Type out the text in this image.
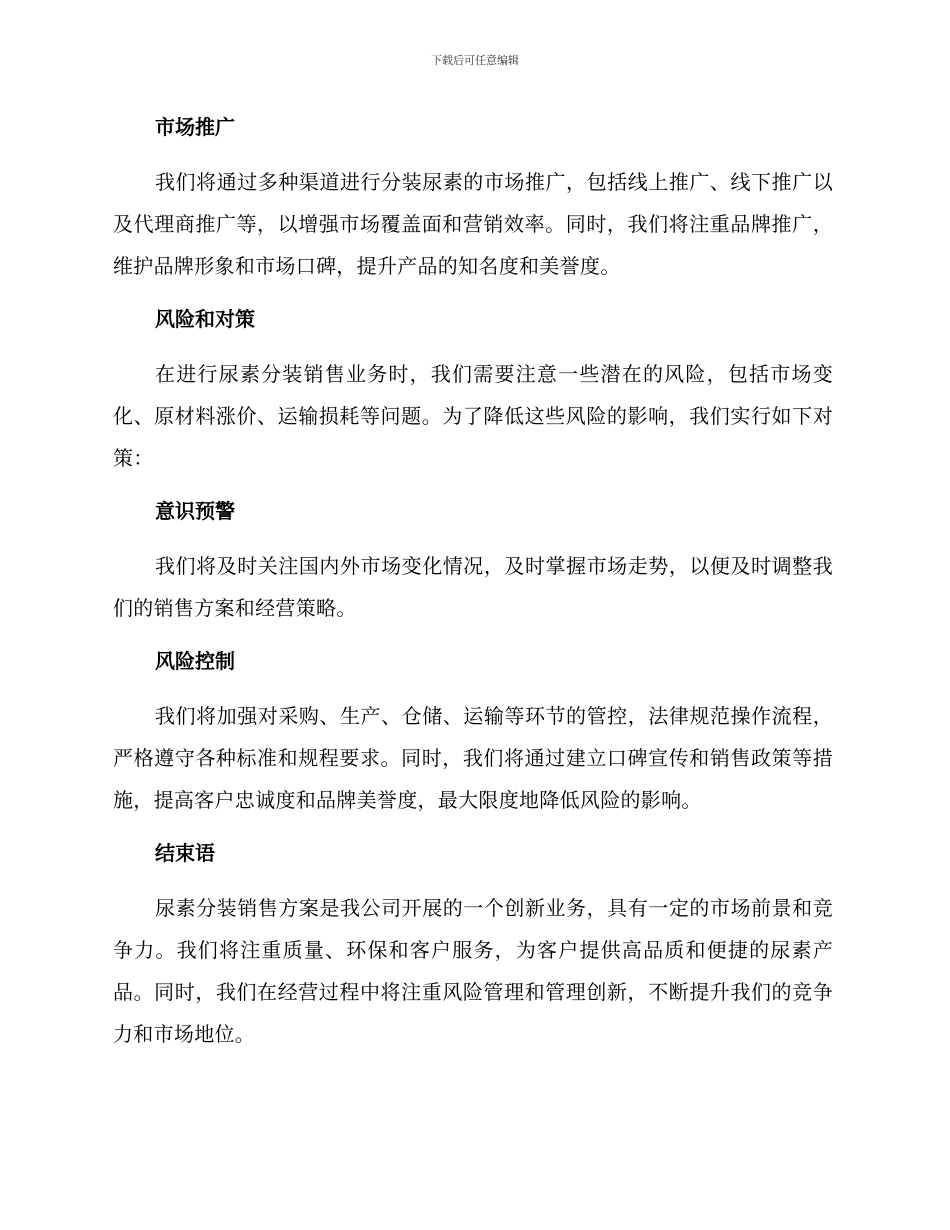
下载后可任意编辑
市场推广

我们将通过多种渠道进行分装尿素的市场推广，包括线上推广、线下推广以及代理商推广等，以增强市场覆盖面和营销效率。同时，我们将注重品牌推广，维护品牌形象和市场口碑，提升产品的知名度和美誉度。

风险和对策

在进行尿素分装销售业务时，我们需要注意一些潜在的风险，包括市场变化、原材料涨价、运输损耗等问题。为了降低这些风险的影响，我们实行如下对策：

意识预警

我们将及时关注国内外市场变化情况，及时掌握市场走势，以便及时调整我们的销售方案和经营策略。

风险控制

我们将加强对采购、生产、仓储、运输等环节的管控，法律规范操作流程，严格遵守各种标准和规程要求。同时，我们将通过建立口碑宣传和销售政策等措施，提高客户忠诚度和品牌美誉度，最大限度地降低风险的影响。

结束语

尿素分装销售方案是我公司开展的一个创新业务，具有一定的市场前景和竞争力。我们将注重质量、环保和客户服务，为客户提供高品质和便捷的尿素产品。同时，我们在经营过程中将注重风险管理和管理创新，不断提升我们的竞争力和市场地位。
